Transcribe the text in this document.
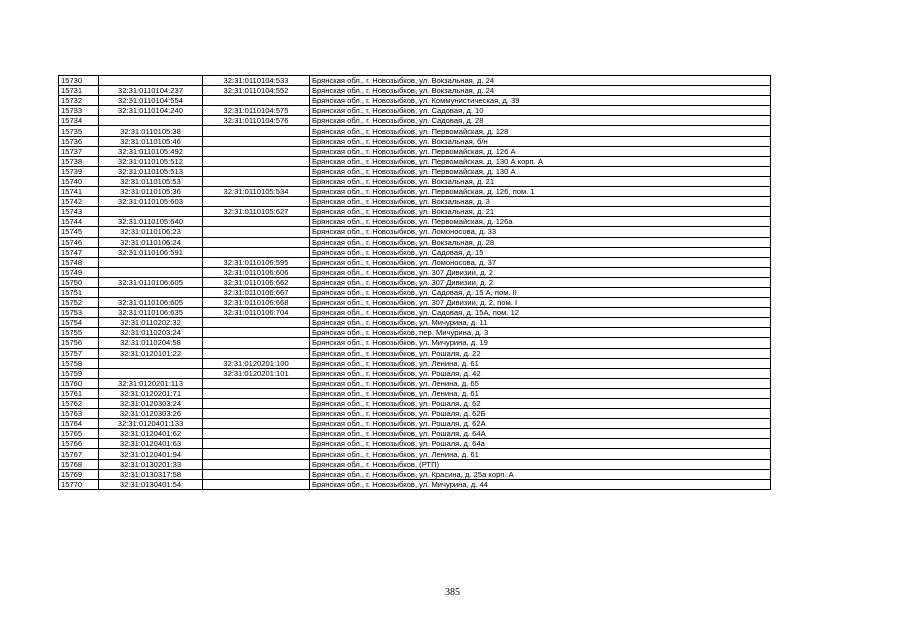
15730		32:31:0110104:533	Брянская обл., г. Новозыбков, ул. Вокзальная, д. 24
15731	32:31:0110104:237	32:31:0110104:552	Брянская обл., г. Новозыбков, ул. Вокзальная, д. 24
15732	32:31:0110104:554		Брянская обл., г. Новозыбков, ул. Коммунистическая, д. 39
15733	32:31:0110104:240	32:31:0110104:575	Брянская обл., г. Новозыбков, ул. Садовая, д. 10
15734		32:31:0110104:576	Брянская обл., г. Новозыбков, ул. Садовая, д. 28
15735	32:31:0110105:38		Брянская обл., г. Новозыбков, ул. Первомайская, д. 128
15736	32:31:0110105:46		Брянская обл., г. Новозыбков, ул. Вокзальная, б/н
15737	32:31:0110105:492		Брянская обл., г. Новозыбков, ул. Первомайская, д. 126 А
15738	32:31:0110105:512		Брянская обл., г. Новозыбков, ул. Первомайская, д. 130 А корп. А
15739	32:31:0110105:513		Брянская обл., г. Новозыбков, ул. Первомайская, д. 130 А
15740	32:31:0110105:53		Брянская обл., г. Новозыбков, ул. Вокзальная, д. 21
15741	32:31:0110105:36	32:31:0110105:534	Брянская обл., г. Новозыбков, ул. Первомайская, д. 126, пом. 1
15742	32:31:0110105:603		Брянская обл., г. Новозыбков, ул. Вокзальная, д. 3
15743		32:31:0110105:627	Брянская обл., г. Новозыбков, ул. Вокзальная, д. 21
15744	32:31:0110105:640		Брянская обл., г. Новозыбков, ул. Первомайская, д. 126а
15745	32:31:0110106:23		Брянская обл., г. Новозыбков, ул. Ломоносова, д. 33
15746	32:31:0110106:24		Брянская обл., г. Новозыбков, ул. Вокзальная, д. 28
15747	32:31:0110106:591		Брянская обл., г. Новозыбков, ул. Садовая, д. 15
15748		32:31:0110106:595	Брянская обл., г. Новозыбков, ул. Ломоносова, д. 37
15749		32:31:0110106:606	Брянская обл., г. Новозыбков, ул. 307 Дивизии, д. 2
15750	32:31:0110106:605	32:31:0110106:662	Брянская обл., г. Новозыбков, ул. 307 Дивизии, д. 2
15751		32:31:0110106:667	Брянская обл., г. Новозыбков, ул. Садовая, д. 15 А, пом. II
15752	32:31:0110106:605	32:31:0110106:668	Брянская обл., г. Новозыбков, ул. 307 Дивизии, д. 2, пом. I
15753	32:31:0110106:635	32:31:0110106:704	Брянская обл., г. Новозыбков, ул. Садовая, д. 15А, пом. 12
15754	32:31:0110202:32		Брянская обл., г. Новозыбков, ул. Мичурина, д. 11
15755	32:31:0110203:24		Брянская обл., г. Новозыбков, пер. Мичурина, д. 3
15756	32:31:0110204:58		Брянская обл., г. Новозыбков, ул. Мичурина, д. 19
15757	32:31:0120101:22		Брянская обл., г. Новозыбков, ул. Рошаля, д. 22
15758		32:31:0120201:100	Брянская обл., г. Новозыбков, ул. Ленина, д. 61
15759		32:31:0120201:101	Брянская обл., г. Новозыбков, ул. Рошаля, д. 42
15760	32:31:0120201:113		Брянская обл., г. Новозыбков, ул. Ленина, д. 65
15761	32:31:0120201:71		Брянская обл., г. Новозыбков, ул. Ленина, д. 61
15762	32:31:0120303:24		Брянская обл., г. Новозыбков, ул. Рошаля, д. 62
15763	32:31:0120303:26		Брянская обл., г. Новозыбков, ул. Рошаля, д. 62Б
15764	32:31:0120401:133		Брянская обл., г. Новозыбков, ул. Рошаля, д. 62А
15765	32:31:0120401:62		Брянская обл., г. Новозыбков, ул. Рошаля, д. 64А
15766	32:31:0120401:63		Брянская обл., г. Новозыбков, ул. Рошаля, д. 64а
15767	32:31:0120401:94		Брянская обл., г. Новозыбков, ул. Ленина, д. 61
15768	32:31:0130201:33		Брянская обл., г. Новозыбков, (РТП)
15769	32:31:0130317:58		Брянская обл., г. Новозыбков, ул. Красина, д. 25а корп. А
15770	32:31:0130401:54		Брянская обл., г. Новозыбков, ул. Мичурина, д. 44
385
